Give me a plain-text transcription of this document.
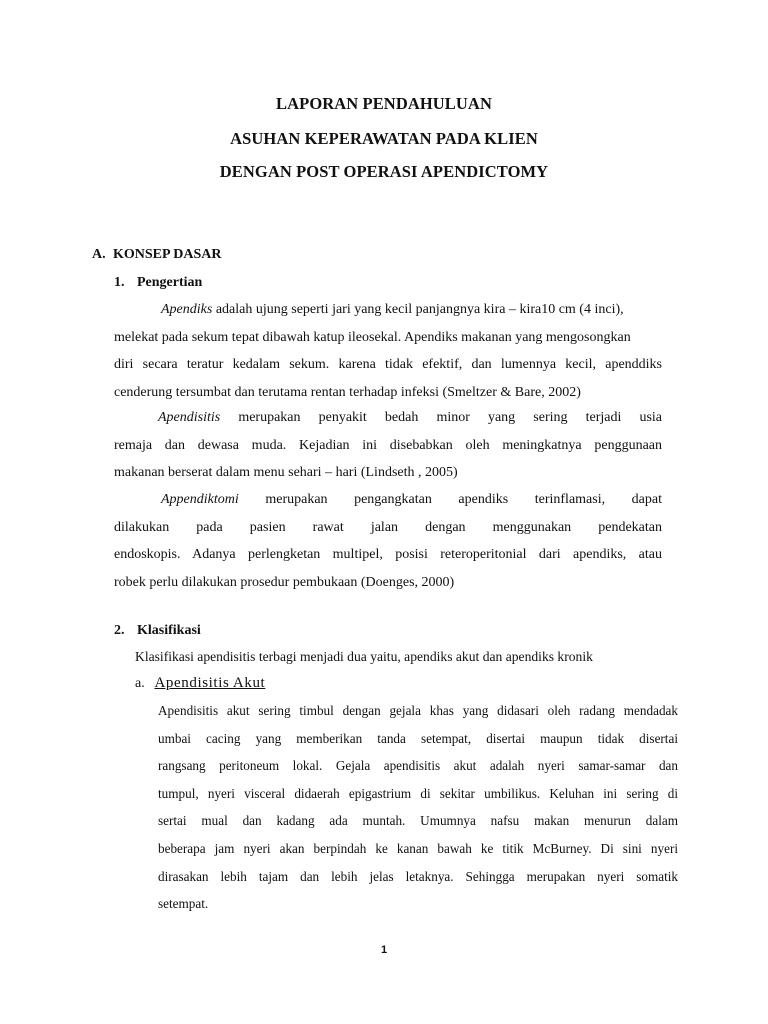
LAPORAN PENDAHULUAN
ASUHAN KEPERAWATAN PADA KLIEN
DENGAN POST OPERASI APENDICTOMY
A. KONSEP DASAR
1. Pengertian
Apendiks adalah ujung seperti jari yang kecil panjangnya kira – kira10 cm (4 inci),
melekat pada sekum tepat dibawah katup ileosekal. Apendiks makanan yang mengosongkan
diri secara teratur kedalam sekum. karena tidak efektif, dan lumennya kecil, apenddiks
cenderung tersumbat dan terutama rentan terhadap infeksi (Smeltzer & Bare, 2002)
Apendisitis merupakan penyakit bedah minor yang sering terjadi usia
remaja dan dewasa muda. Kejadian ini disebabkan oleh meningkatnya penggunaan
makanan berserat dalam menu sehari – hari (Lindseth , 2005)
Appendiktomi merupakan pengangkatan apendiks terinflamasi, dapat
dilakukan pada pasien rawat jalan dengan menggunakan pendekatan
endoskopis. Adanya perlengketan multipel, posisi reteroperitonial dari apendiks, atau
robek perlu dilakukan prosedur pembukaan (Doenges, 2000)
2. Klasifikasi
Klasifikasi apendisitis terbagi menjadi dua yaitu, apendiks akut dan apendiks kronik
a. Apendisitis Akut
Apendisitis akut sering timbul dengan gejala khas yang didasari oleh radang mendadak
umbai cacing yang memberikan tanda setempat, disertai maupun tidak disertai
rangsang peritoneum lokal. Gejala apendisitis akut adalah nyeri samar-samar dan
tumpul, nyeri visceral didaerah epigastrium di sekitar umbilikus. Keluhan ini sering di
sertai mual dan kadang ada muntah. Umumnya nafsu makan menurun dalam
beberapa jam nyeri akan berpindah ke kanan bawah ke titik McBurney. Di sini nyeri
dirasakan lebih tajam dan lebih jelas letaknya. Sehingga merupakan nyeri somatik
setempat.
1
